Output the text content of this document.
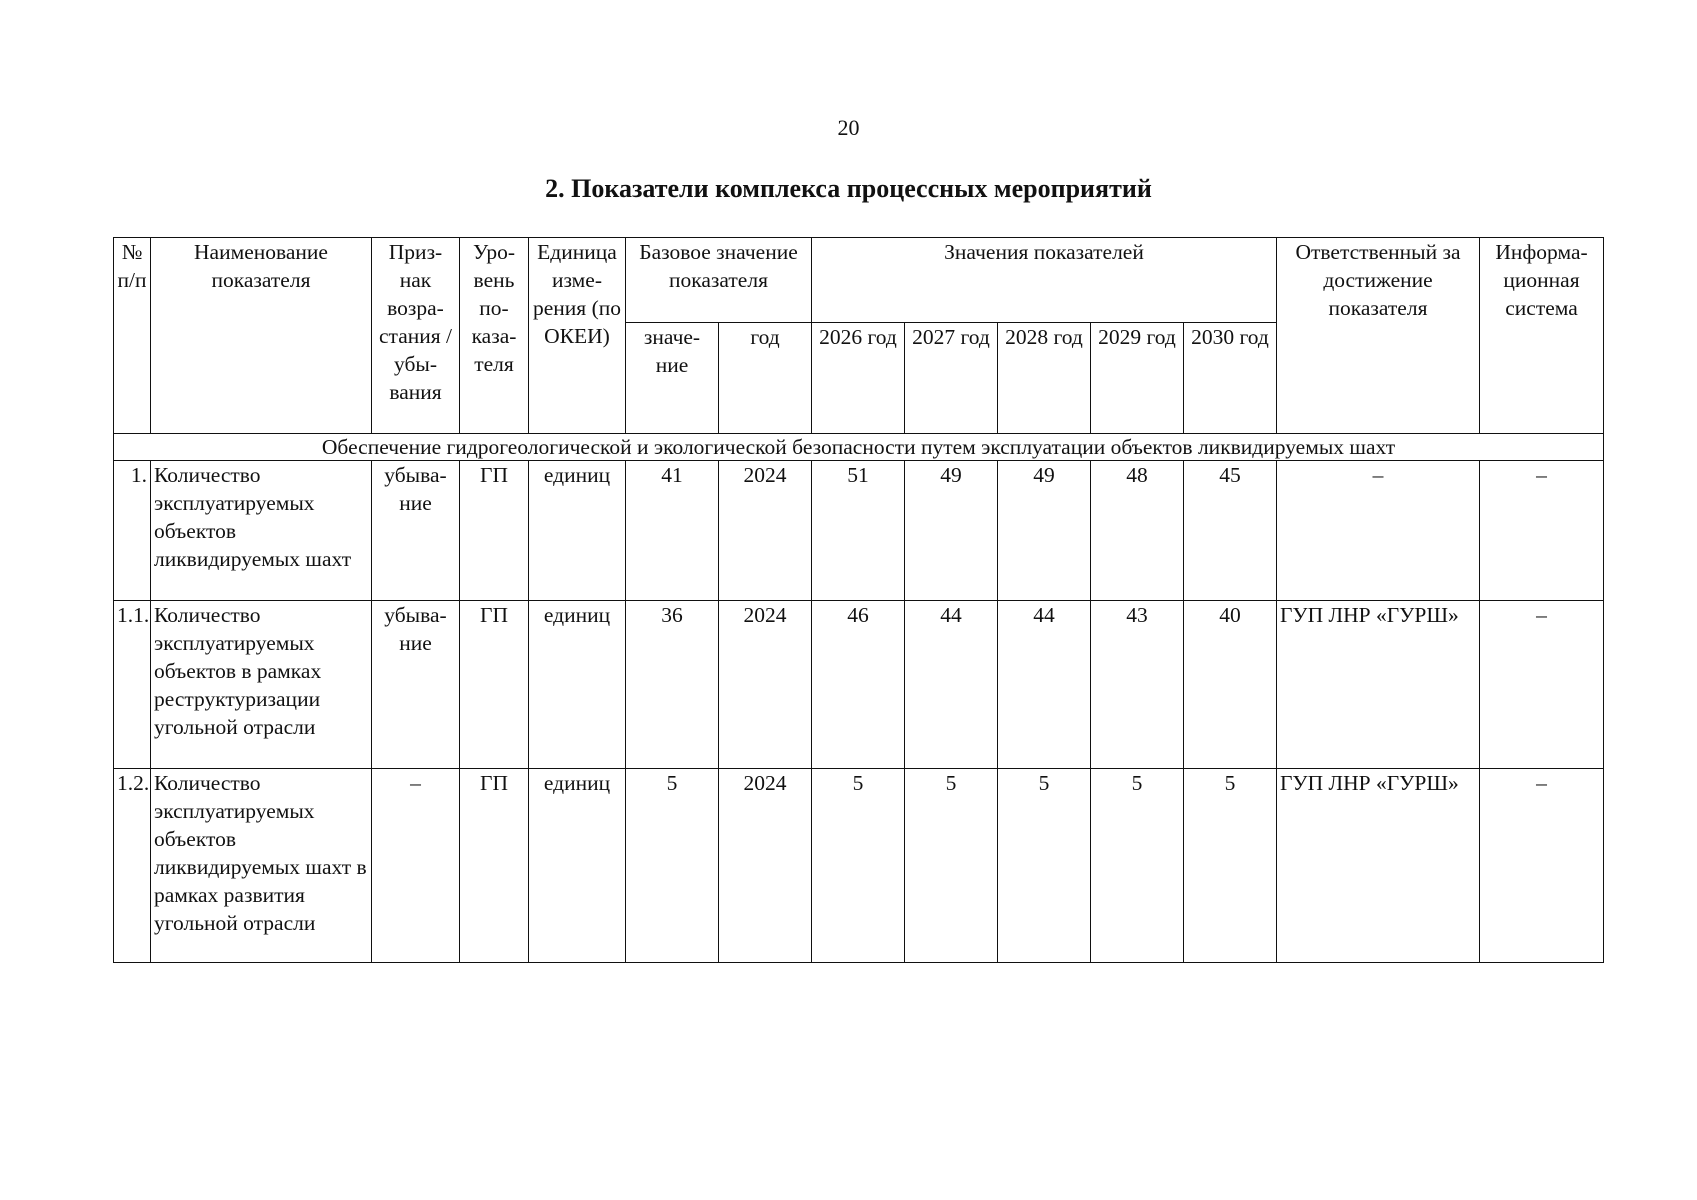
20
2. Показатели комплекса процессных мероприятий
№ п/п	Наименование показателя	Приз- нак возра- стания / убы- вания	Уро- вень по- каза- теля	Единица изме- рения (по ОКЕИ)	Базовое значение показателя		Значения показателей					Ответственный за достижение показателя	Информа- ционная система
					значе- ние	год	2026 год	2027 год	2028 год	2029 год	2030 год		
Обеспечение гидрогеологической и экологической безопасности путем эксплуатации объектов ликвидируемых шахт													
1.	Количество эксплуатируемых объектов ликвидируемых шахт	убыва- ние	ГП	единиц	41	2024	51	49	49	48	45	–	–
1.1.	Количество эксплуатируемых объектов в рамках реструктуризации угольной отрасли	убыва- ние	ГП	единиц	36	2024	46	44	44	43	40	ГУП ЛНР «ГУРШ»	–
1.2.	Количество эксплуатируемых объектов ликвидируемых шахт в рамках развития угольной отрасли	–	ГП	единиц	5	2024	5	5	5	5	5	ГУП ЛНР «ГУРШ»	–
